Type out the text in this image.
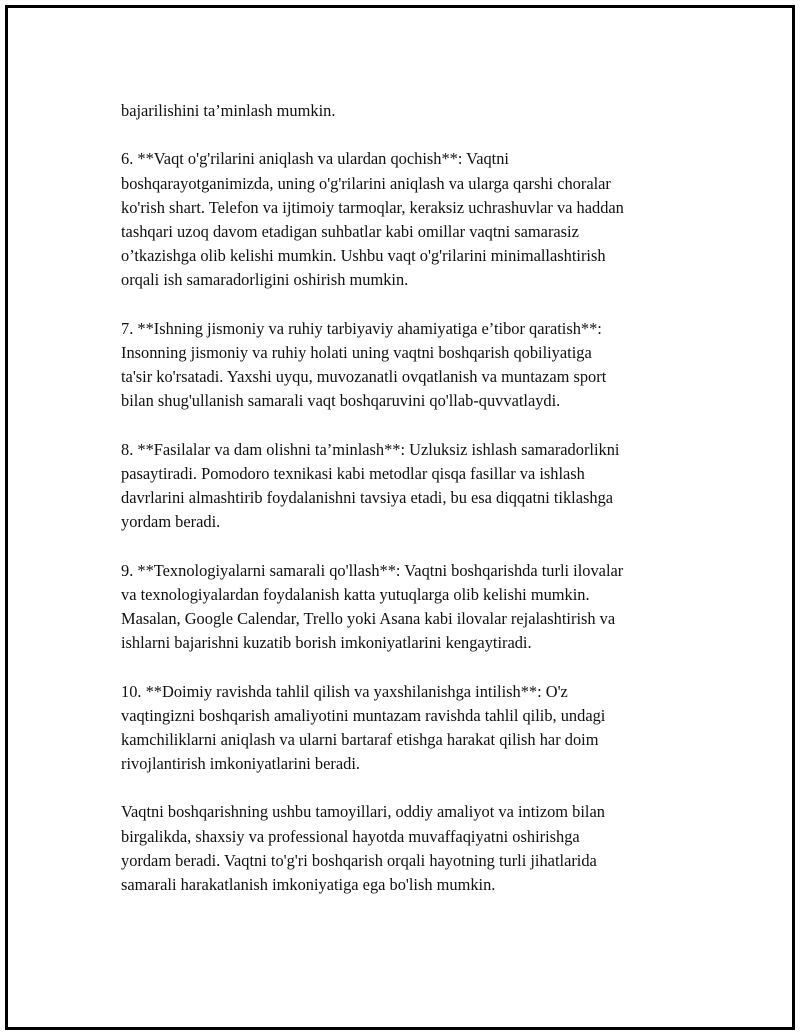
bajarilishini ta’minlash mumkin.
6. **Vaqt o'g'rilarini aniqlash va ulardan qochish**: Vaqtni
boshqarayotganimizda, uning o'g'rilarini aniqlash va ularga qarshi choralar
ko'rish shart. Telefon va ijtimoiy tarmoqlar, keraksiz uchrashuvlar va haddan
tashqari uzoq davom etadigan suhbatlar kabi omillar vaqtni samarasiz
o’tkazishga olib kelishi mumkin. Ushbu vaqt o'g'rilarini minimallashtirish
orqali ish samaradorligini oshirish mumkin.
7. **Ishning jismoniy va ruhiy tarbiyaviy ahamiyatiga e’tibor qaratish**:
Insonning jismoniy va ruhiy holati uning vaqtni boshqarish qobiliyatiga
ta'sir ko'rsatadi. Yaxshi uyqu, muvozanatli ovqatlanish va muntazam sport
bilan shug'ullanish samarali vaqt boshqaruvini qo'llab-quvvatlaydi.
8. **Fasilalar va dam olishni ta’minlash**: Uzluksiz ishlash samaradorlikni
pasaytiradi. Pomodoro texnikasi kabi metodlar qisqa fasillar va ishlash
davrlarini almashtirib foydalanishni tavsiya etadi, bu esa diqqatni tiklashga
yordam beradi.
9. **Texnologiyalarni samarali qo'llash**: Vaqtni boshqarishda turli ilovalar
va texnologiyalardan foydalanish katta yutuqlarga olib kelishi mumkin.
Masalan, Google Calendar, Trello yoki Asana kabi ilovalar rejalashtirish va
ishlarni bajarishni kuzatib borish imkoniyatlarini kengaytiradi.
10. **Doimiy ravishda tahlil qilish va yaxshilanishga intilish**: O'z
vaqtingizni boshqarish amaliyotini muntazam ravishda tahlil qilib, undagi
kamchiliklarni aniqlash va ularni bartaraf etishga harakat qilish har doim
rivojlantirish imkoniyatlarini beradi.
Vaqtni boshqarishning ushbu tamoyillari, oddiy amaliyot va intizom bilan
birgalikda, shaxsiy va professional hayotda muvaffaqiyatni oshirishga
yordam beradi. Vaqtni to'g'ri boshqarish orqali hayotning turli jihatlarida
samarali harakatlanish imkoniyatiga ega bo'lish mumkin.
